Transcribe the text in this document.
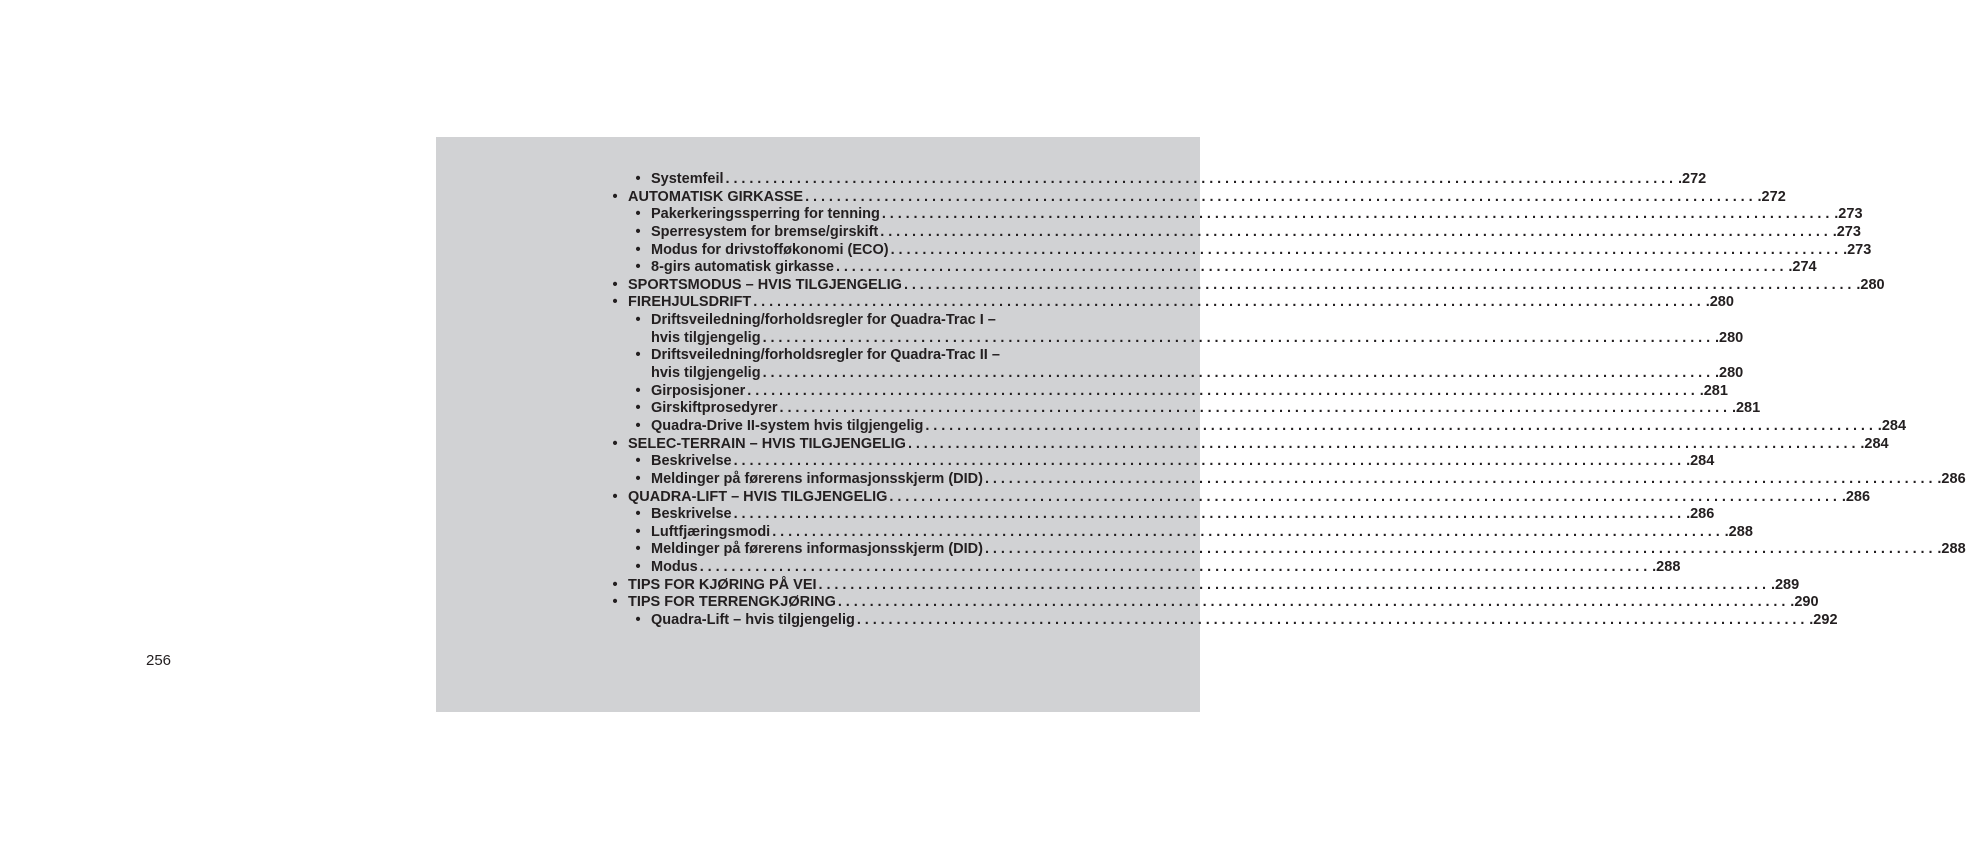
• Systemfeil ........................................................................................................................ .272
• AUTOMATISK GIRKASSE ........................................................................................................................ .272
• Pakerkeringssperring for tenning ........................................................................................................................ .273
• Sperresystem for bremse/girskift ........................................................................................................................ .273
• Modus for drivstofføkonomi (ECO) ........................................................................................................................ .273
• 8-girs automatisk girkasse ........................................................................................................................ .274
• SPORTSMODUS – HVIS TILGJENGELIG ........................................................................................................................ .280
• FIREHJULSDRIFT ........................................................................................................................ .280
• Driftsveiledning/forholdsregler for Quadra-Trac I –
hvis tilgjengelig ........................................................................................................................ .280
• Driftsveiledning/forholdsregler for Quadra-Trac II –
hvis tilgjengelig ........................................................................................................................ .280
• Girposisjoner ........................................................................................................................ .281
• Girskiftprosedyrer ........................................................................................................................ .281
• Quadra-Drive II-system hvis tilgjengelig ........................................................................................................................ .284
• SELEC-TERRAIN – HVIS TILGJENGELIG ........................................................................................................................ .284
• Beskrivelse ........................................................................................................................ .284
• Meldinger på førerens informasjonsskjerm (DID) ........................................................................................................................ .286
• QUADRA-LIFT – HVIS TILGJENGELIG ........................................................................................................................ .286
• Beskrivelse ........................................................................................................................ .286
• Luftfjæringsmodi ........................................................................................................................ .288
• Meldinger på førerens informasjonsskjerm (DID) ........................................................................................................................ .288
• Modus ........................................................................................................................ .288
• TIPS FOR KJØRING PÅ VEI ........................................................................................................................ .289
• TIPS FOR TERRENGKJØRING ........................................................................................................................ .290
• Quadra-Lift – hvis tilgjengelig ........................................................................................................................ .292
256
